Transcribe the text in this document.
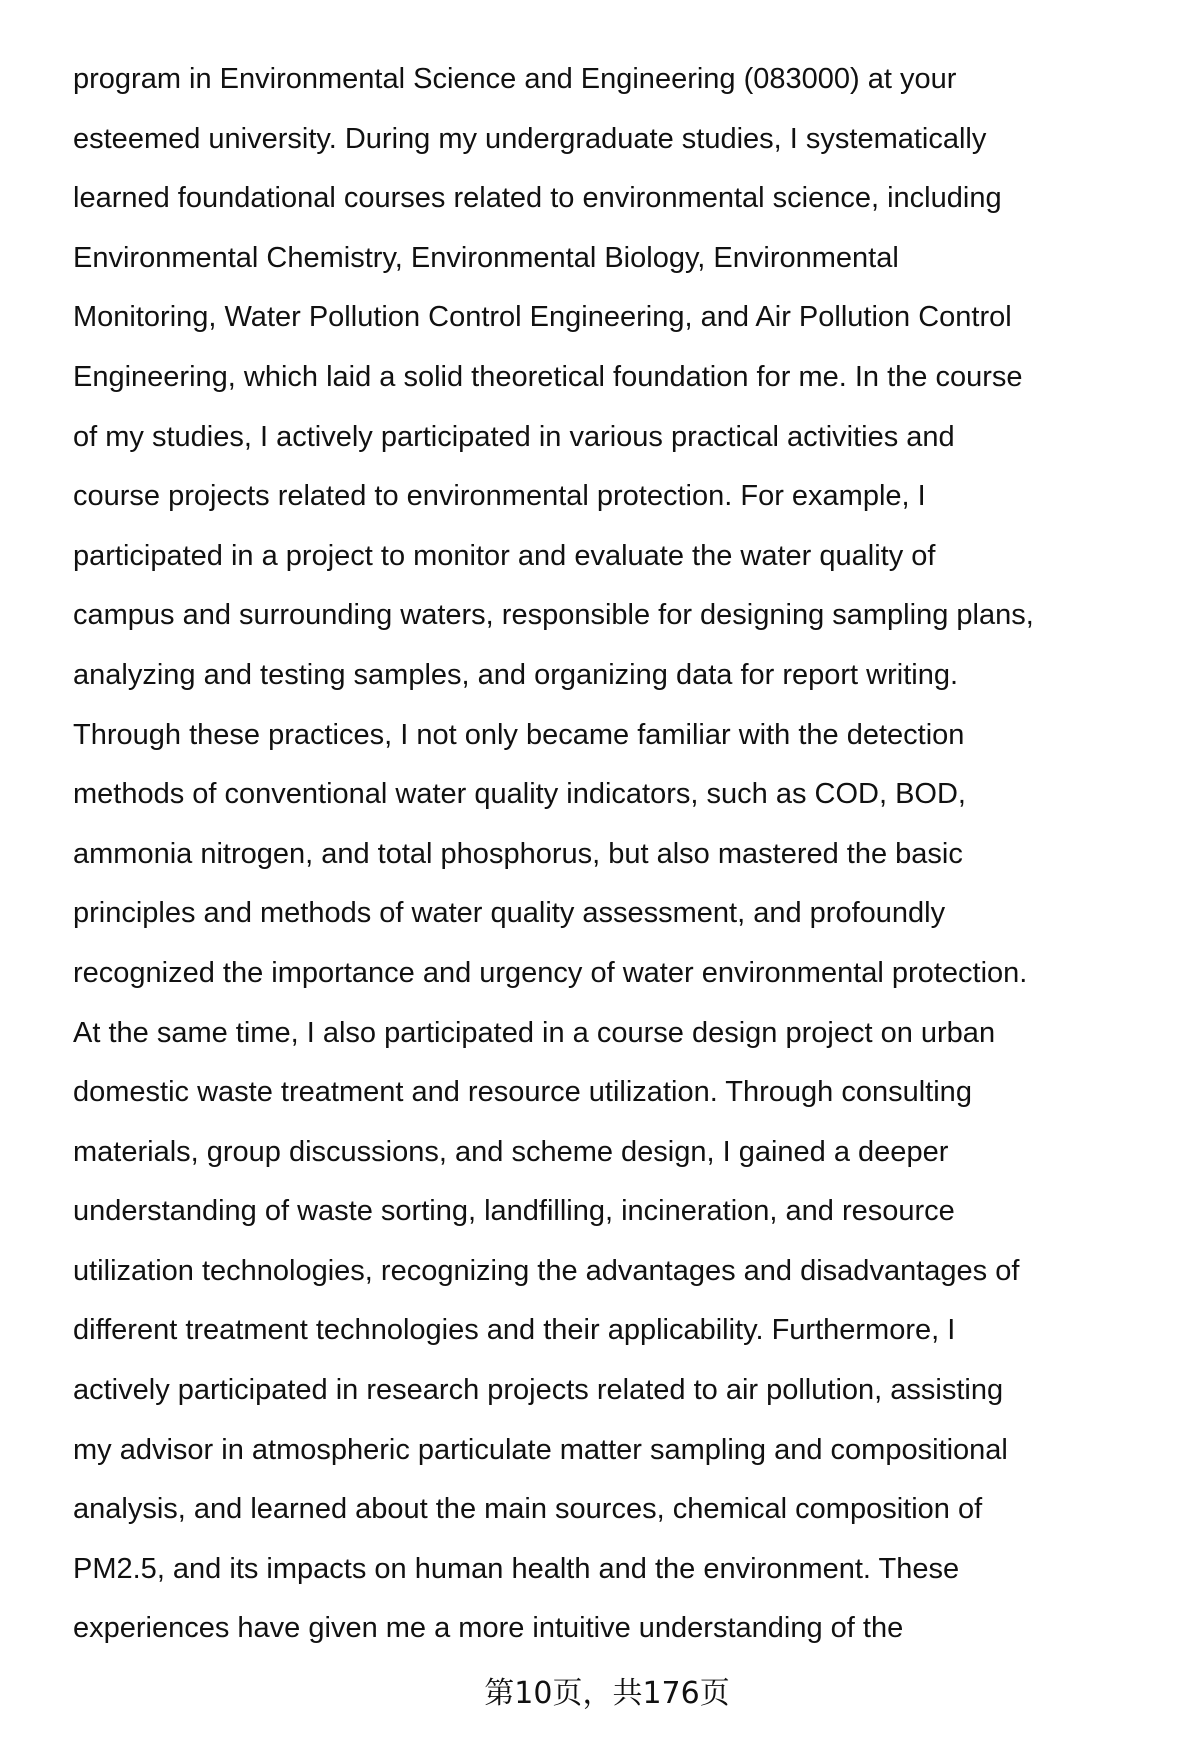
program in Environmental Science and Engineering (083000) at your
esteemed university. During my undergraduate studies, I systematically
learned foundational courses related to environmental science, including
Environmental Chemistry, Environmental Biology, Environmental
Monitoring, Water Pollution Control Engineering, and Air Pollution Control
Engineering, which laid a solid theoretical foundation for me. In the course
of my studies, I actively participated in various practical activities and
course projects related to environmental protection. For example, I
participated in a project to monitor and evaluate the water quality of
campus and surrounding waters, responsible for designing sampling plans,
analyzing and testing samples, and organizing data for report writing.
Through these practices, I not only became familiar with the detection
methods of conventional water quality indicators, such as COD, BOD,
ammonia nitrogen, and total phosphorus, but also mastered the basic
principles and methods of water quality assessment, and profoundly
recognized the importance and urgency of water environmental protection.
At the same time, I also participated in a course design project on urban
domestic waste treatment and resource utilization. Through consulting
materials, group discussions, and scheme design, I gained a deeper
understanding of waste sorting, landfilling, incineration, and resource
utilization technologies, recognizing the advantages and disadvantages of
different treatment technologies and their applicability. Furthermore, I
actively participated in research projects related to air pollution, assisting
my advisor in atmospheric particulate matter sampling and compositional
analysis, and learned about the main sources, chemical composition of
PM2.5, and its impacts on human health and the environment. These
experiences have given me a more intuitive understanding of the
第10页，共176页
